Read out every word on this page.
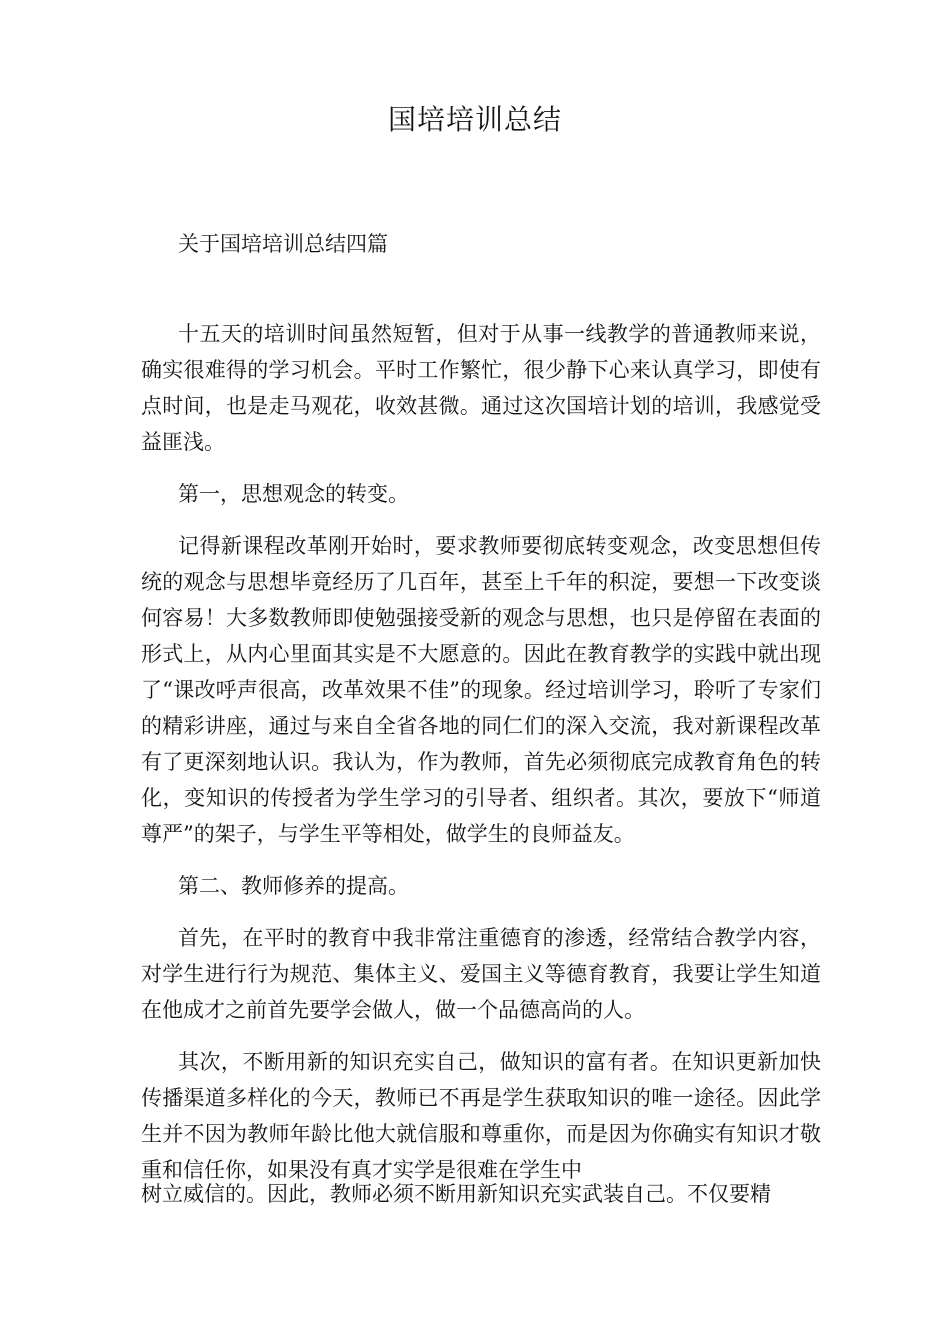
国培培训总结
关于国培培训总结四篇

十五天的培训时间虽然短暂，但对于从事一线教学的普通教师来说，确实很难得的学习机会。平时工作繁忙，很少静下心来认真学习，即使有点时间，也是走马观花，收效甚微。通过这次国培计划的培训，我感觉受益匪浅。

第一，思想观念的转变。

记得新课程改革刚开始时，要求教师要彻底转变观念，改变思想但传统的观念与思想毕竟经历了几百年，甚至上千年的积淀，要想一下改变谈何容易！大多数教师即使勉强接受新的观念与思想，也只是停留在表面的形式上，从内心里面其实是不大愿意的。因此在教育教学的实践中就出现了“课改呼声很高，改革效果不佳”的现象。经过培训学习，聆听了专家们的精彩讲座，通过与来自全省各地的同仁们的深入交流，我对新课程改革有了更深刻地认识。我认为，作为教师，首先必须彻底完成教育角色的转化，变知识的传授者为学生学习的引导者、组织者。其次，要放下“师道尊严”的架子，与学生平等相处，做学生的良师益友。

第二、教师修养的提高。

首先，在平时的教育中我非常注重德育的渗透，经常结合教学内容，对学生进行行为规范、集体主义、爱国主义等德育教育，我要让学生知道在他成才之前首先要学会做人，做一个品德高尚的人。

其次，不断用新的知识充实自己，做知识的富有者。在知识更新加快传播渠道多样化的今天，教师已不再是学生获取知识的唯一途径。因此学生并不因为教师年龄比他大就信服和尊重你，而是因为你确实有知识才敬重和信任你，如果没有真才实学是很难在学生中

树立威信的。因此，教师必须不断用新知识充实武装自己。不仅要精
